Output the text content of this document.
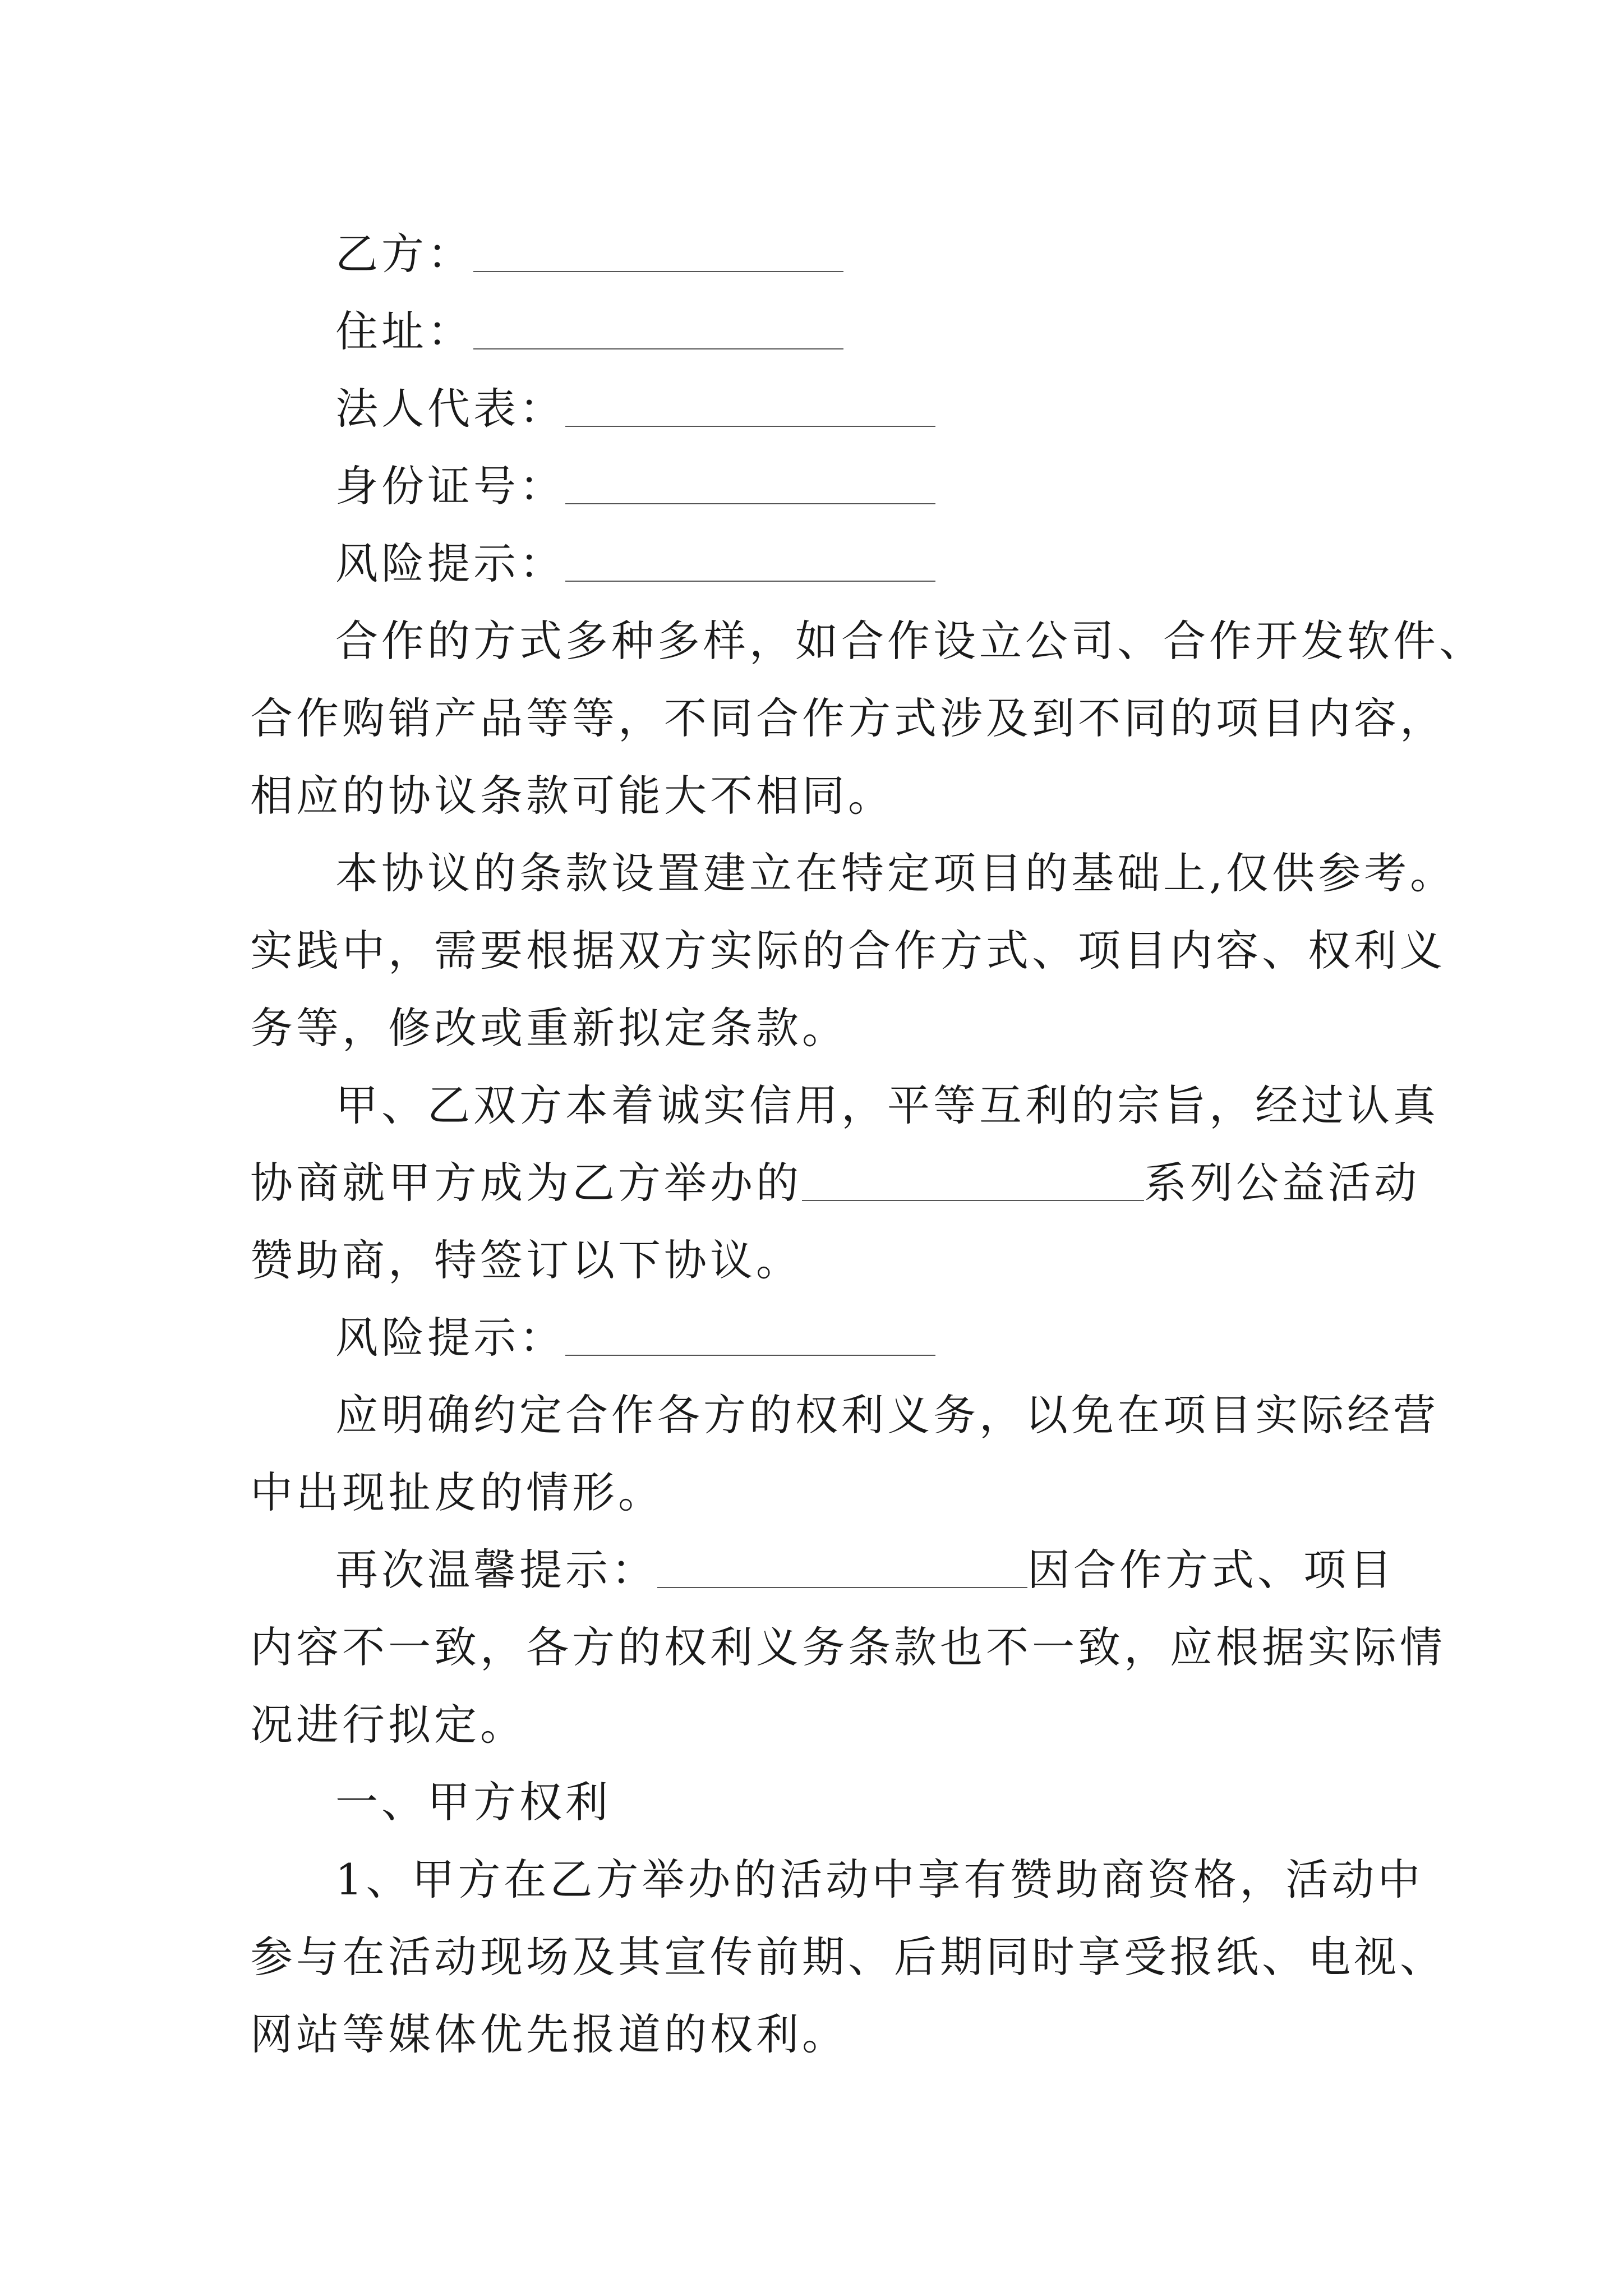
乙方：
住址：
法人代表：
身份证号：
风险提示：
合作的方式多种多样，如合作设立公司、合作开发软件、
合作购销产品等等，不同合作方式涉及到不同的项目内容，
相应的协议条款可能大不相同。
本协议的条款设置建立在特定项目的基础上,仅供参考。
实践中，需要根据双方实际的合作方式、项目内容、权利义
务等，修改或重新拟定条款。
甲、乙双方本着诚实信用，平等互利的宗旨，经过认真
协商就甲方成为乙方举办的	系列公益活动
赞助商，特签订以下协议。
风险提示：
应明确约定合作各方的权利义务，以免在项目实际经营
中出现扯皮的情形。
再次温馨提示：	因合作方式、项目
内容不一致，各方的权利义务条款也不一致，应根据实际情
况进行拟定。
一、甲方权利
1、甲方在乙方举办的活动中享有赞助商资格，活动中
参与在活动现场及其宣传前期、后期同时享受报纸、电视、
网站等媒体优先报道的权利。
